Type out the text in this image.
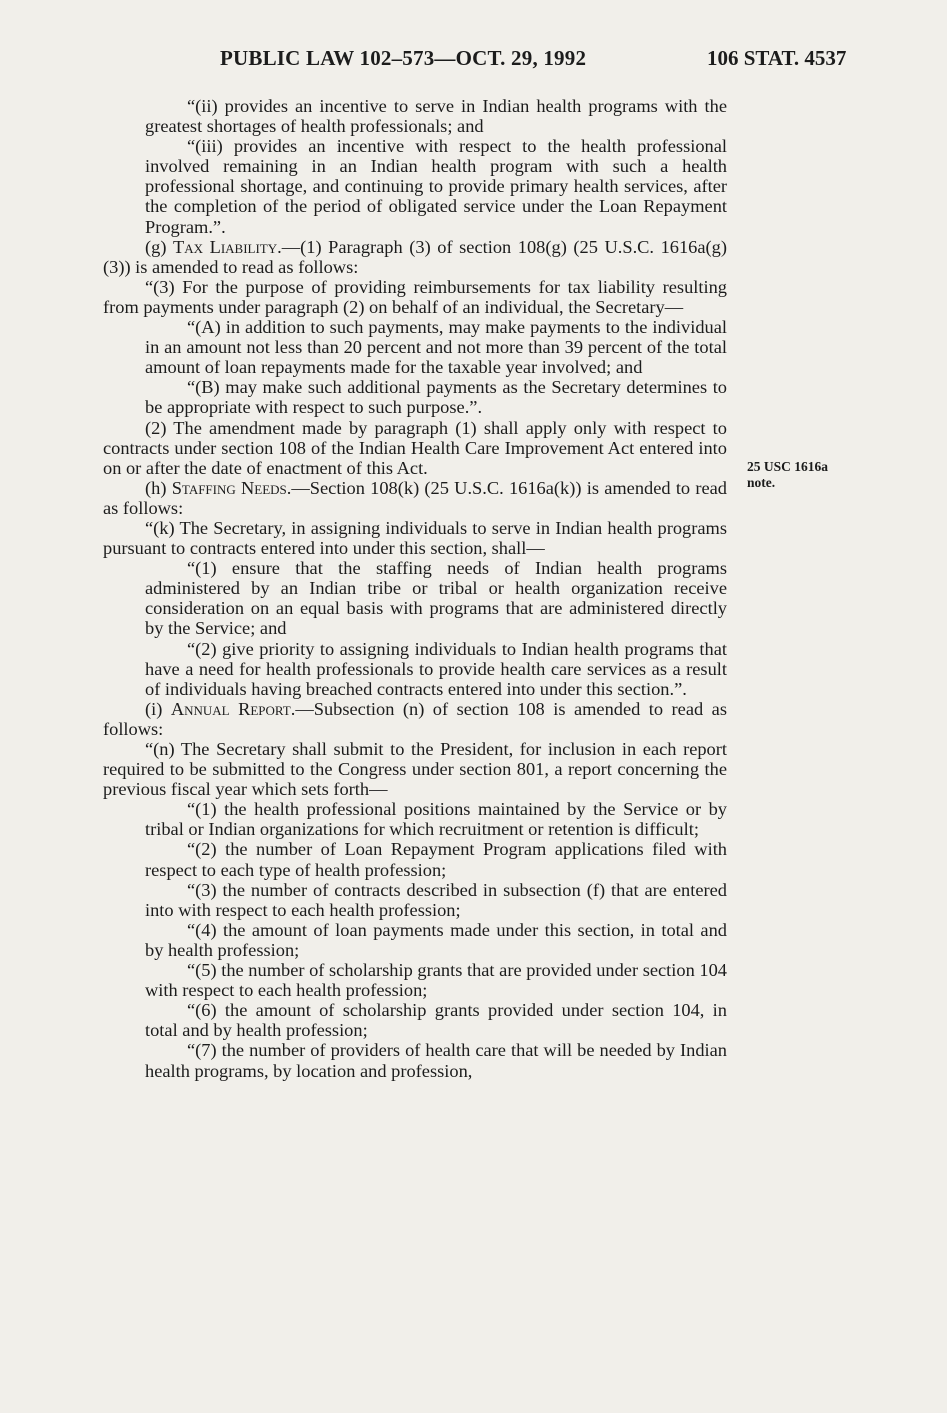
PUBLIC LAW 102–573—OCT. 29, 1992	106 STAT. 4537

“(ii) provides an incentive to serve in Indian health programs with the greatest shortages of health professionals; and

“(iii) provides an incentive with respect to the health professional involved remaining in an Indian health program with such a health professional shortage, and continuing to provide primary health services, after the completion of the period of obligated service under the Loan Repayment Program.”.

(g) Tax Liability.—(1) Paragraph (3) of section 108(g) (25 U.S.C. 1616a(g)(3)) is amended to read as follows:

“(3) For the purpose of providing reimbursements for tax liability resulting from payments under paragraph (2) on behalf of an individual, the Secretary—

“(A) in addition to such payments, may make payments to the individual in an amount not less than 20 percent and not more than 39 percent of the total amount of loan repayments made for the taxable year involved; and

“(B) may make such additional payments as the Secretary determines to be appropriate with respect to such purpose.”.

(2) The amendment made by paragraph (1) shall apply only with respect to contracts under section 108 of the Indian Health Care Improvement Act entered into on or after the date of enactment of this Act.

(h) Staffing Needs.—Section 108(k) (25 U.S.C. 1616a(k)) is amended to read as follows:

“(k) The Secretary, in assigning individuals to serve in Indian health programs pursuant to contracts entered into under this section, shall—

“(1) ensure that the staffing needs of Indian health programs administered by an Indian tribe or tribal or health organization receive consideration on an equal basis with programs that are administered directly by the Service; and

“(2) give priority to assigning individuals to Indian health programs that have a need for health professionals to provide health care services as a result of individuals having breached contracts entered into under this section.”.

(i) Annual Report.—Subsection (n) of section 108 is amended to read as follows:

“(n) The Secretary shall submit to the President, for inclusion in each report required to be submitted to the Congress under section 801, a report concerning the previous fiscal year which sets forth—

“(1) the health professional positions maintained by the Service or by tribal or Indian organizations for which recruitment or retention is difficult;

“(2) the number of Loan Repayment Program applications filed with respect to each type of health profession;

“(3) the number of contracts described in subsection (f) that are entered into with respect to each health profession;

“(4) the amount of loan payments made under this section, in total and by health profession;

“(5) the number of scholarship grants that are provided under section 104 with respect to each health profession;

“(6) the amount of scholarship grants provided under section 104, in total and by health profession;

“(7) the number of providers of health care that will be needed by Indian health programs, by location and profession,

25 USC 1616a
note.
